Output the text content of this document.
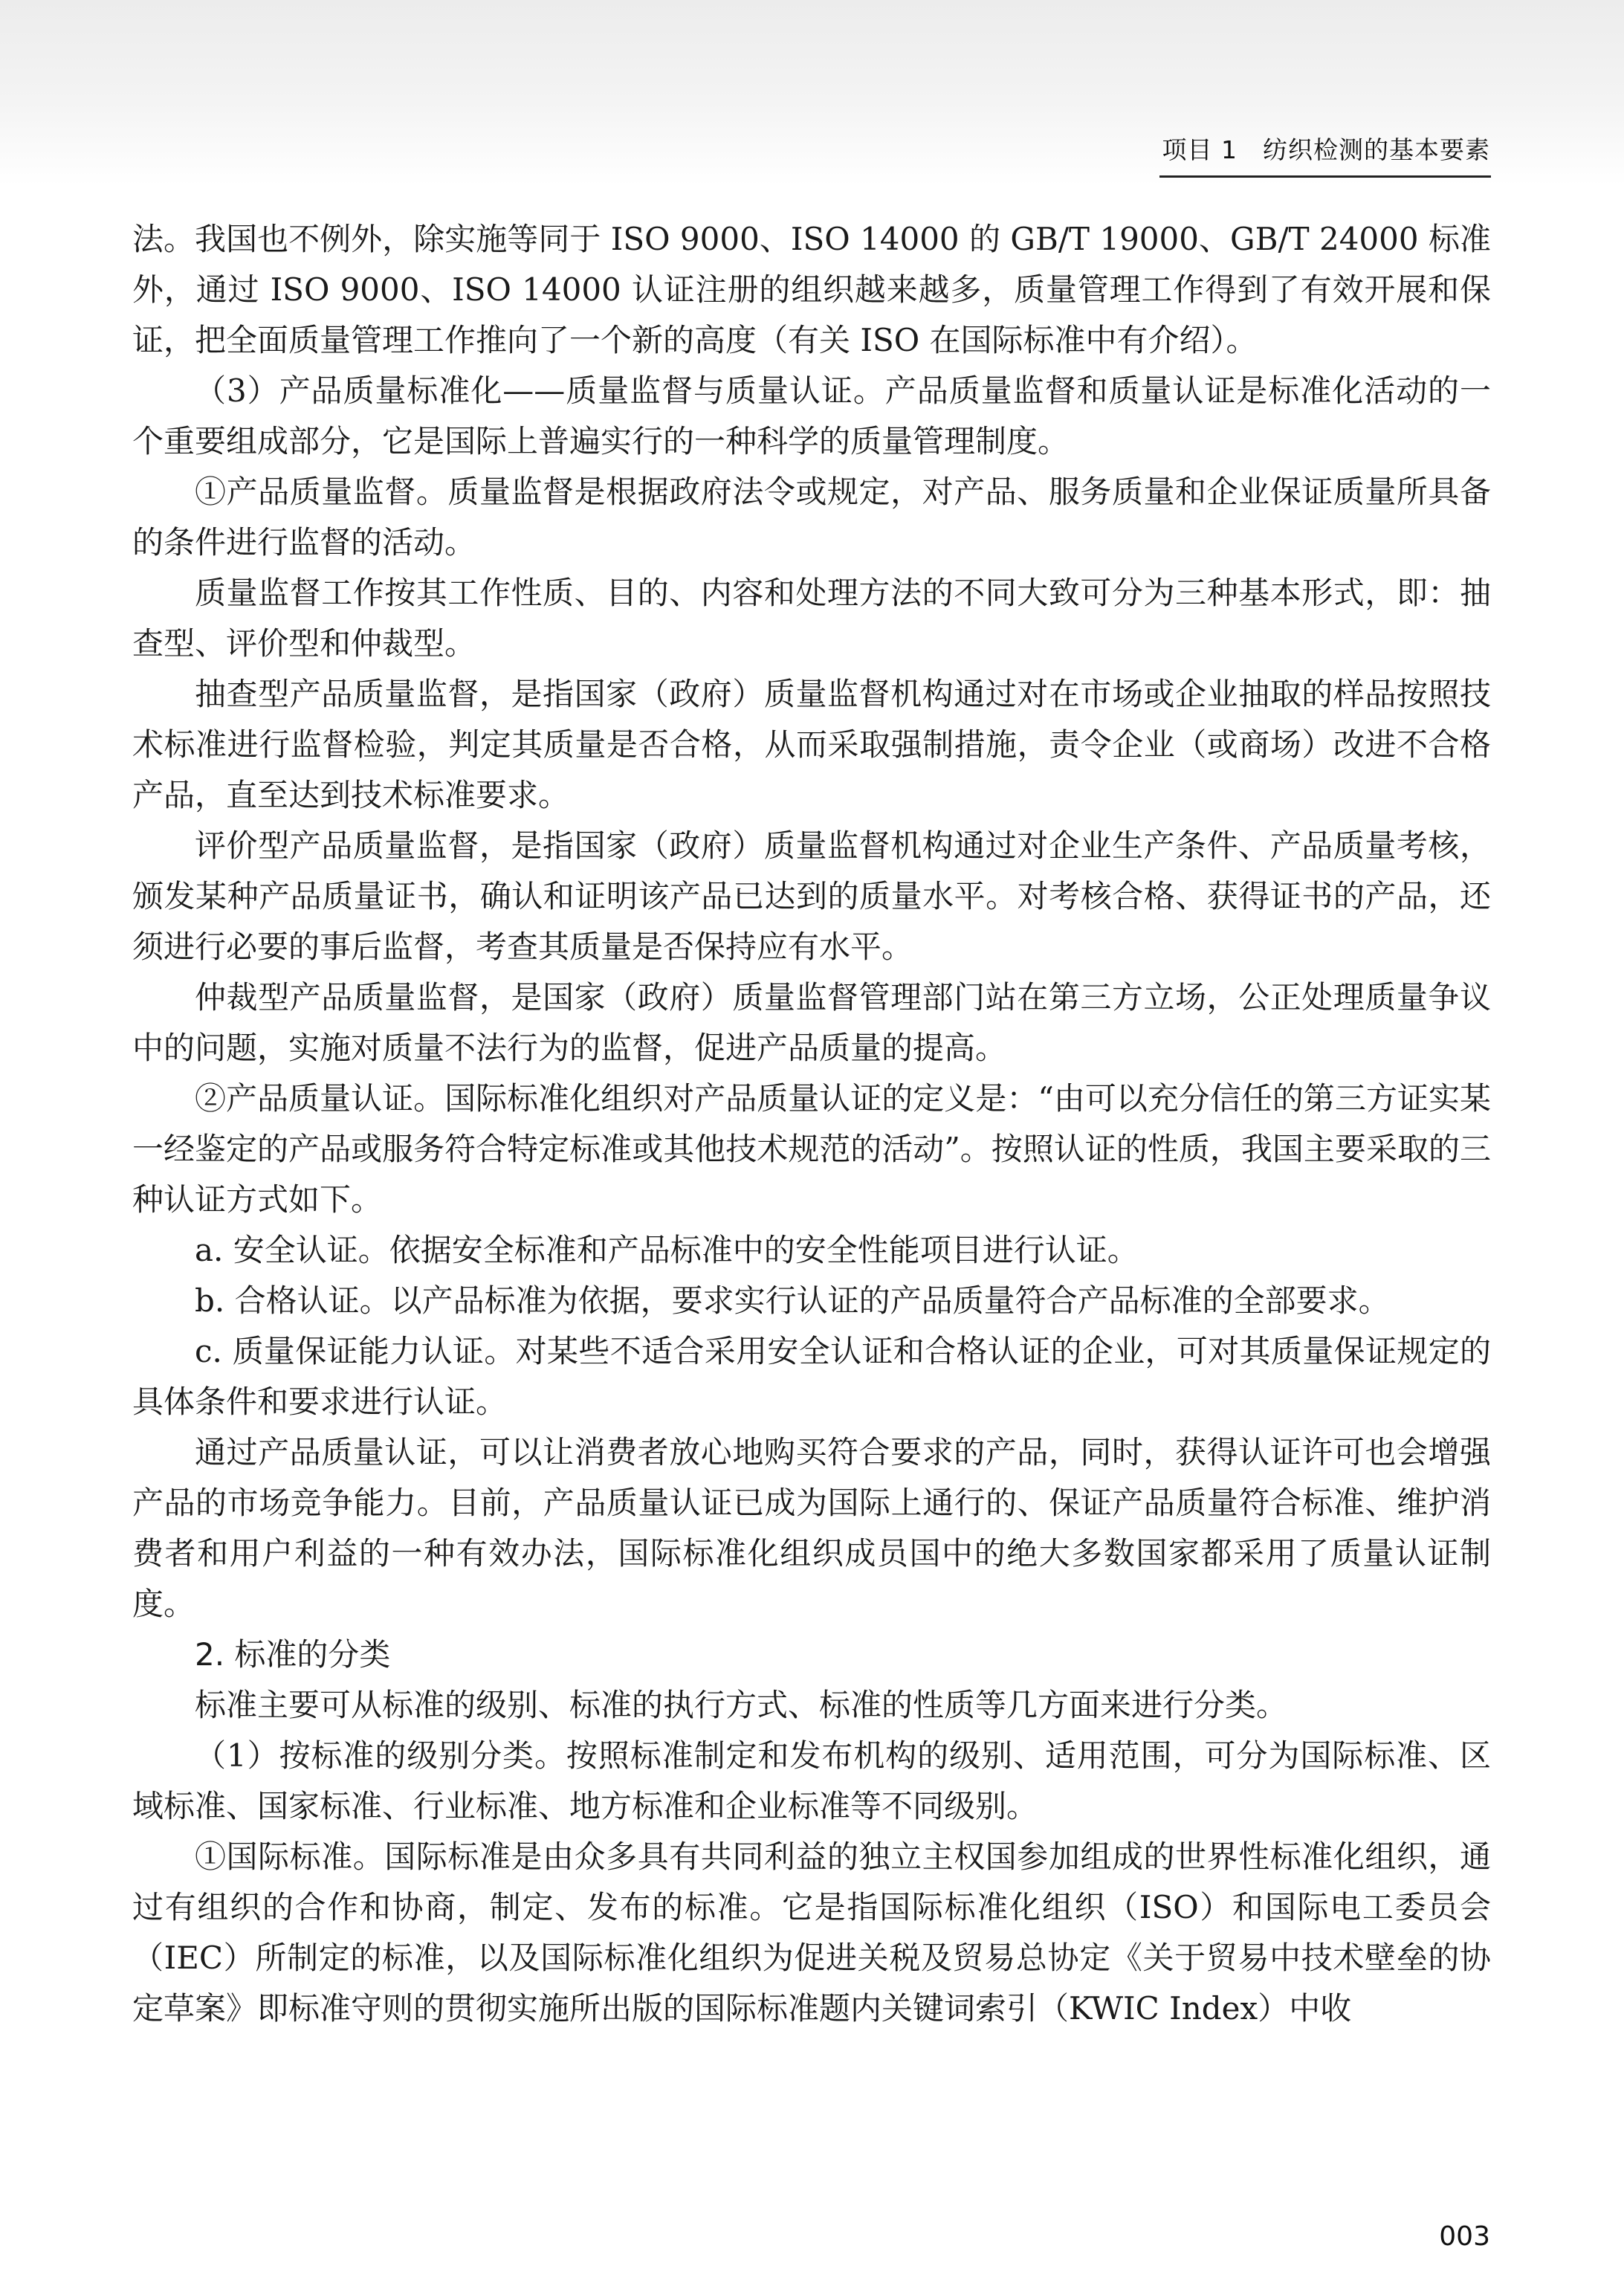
项目 1　纺织检测的基本要素

法。我国也不例外，除实施等同于 ISO 9000、ISO 14000 的 GB/T 19000、GB/T 24000 标准外，通过 ISO 9000、ISO 14000 认证注册的组织越来越多，质量管理工作得到了有效开展和保证，把全面质量管理工作推向了一个新的高度（有关 ISO 在国际标准中有介绍）。

（3）产品质量标准化——质量监督与质量认证。产品质量监督和质量认证是标准化活动的一个重要组成部分，它是国际上普遍实行的一种科学的质量管理制度。

①产品质量监督。质量监督是根据政府法令或规定，对产品、服务质量和企业保证质量所具备的条件进行监督的活动。

质量监督工作按其工作性质、目的、内容和处理方法的不同大致可分为三种基本形式，即：抽查型、评价型和仲裁型。

抽查型产品质量监督，是指国家（政府）质量监督机构通过对在市场或企业抽取的样品按照技术标准进行监督检验，判定其质量是否合格，从而采取强制措施，责令企业（或商场）改进不合格产品，直至达到技术标准要求。

评价型产品质量监督，是指国家（政府）质量监督机构通过对企业生产条件、产品质量考核，颁发某种产品质量证书，确认和证明该产品已达到的质量水平。对考核合格、获得证书的产品，还须进行必要的事后监督，考查其质量是否保持应有水平。

仲裁型产品质量监督，是国家（政府）质量监督管理部门站在第三方立场，公正处理质量争议中的问题，实施对质量不法行为的监督，促进产品质量的提高。

②产品质量认证。国际标准化组织对产品质量认证的定义是：“由可以充分信任的第三方证实某一经鉴定的产品或服务符合特定标准或其他技术规范的活动”。按照认证的性质，我国主要采取的三种认证方式如下。

a. 安全认证。依据安全标准和产品标准中的安全性能项目进行认证。

b. 合格认证。以产品标准为依据，要求实行认证的产品质量符合产品标准的全部要求。

c. 质量保证能力认证。对某些不适合采用安全认证和合格认证的企业，可对其质量保证规定的具体条件和要求进行认证。

通过产品质量认证，可以让消费者放心地购买符合要求的产品，同时，获得认证许可也会增强产品的市场竞争能力。目前，产品质量认证已成为国际上通行的、保证产品质量符合标准、维护消费者和用户利益的一种有效办法，国际标准化组织成员国中的绝大多数国家都采用了质量认证制度。

2. 标准的分类

标准主要可从标准的级别、标准的执行方式、标准的性质等几方面来进行分类。

（1）按标准的级别分类。按照标准制定和发布机构的级别、适用范围，可分为国际标准、区域标准、国家标准、行业标准、地方标准和企业标准等不同级别。

①国际标准。国际标准是由众多具有共同利益的独立主权国参加组成的世界性标准化组织，通过有组织的合作和协商，制定、发布的标准。它是指国际标准化组织（ISO）和国际电工委员会（IEC）所制定的标准，以及国际标准化组织为促进关税及贸易总协定《关于贸易中技术壁垒的协定草案》即标准守则的贯彻实施所出版的国际标准题内关键词索引（KWIC Index）中收

003
